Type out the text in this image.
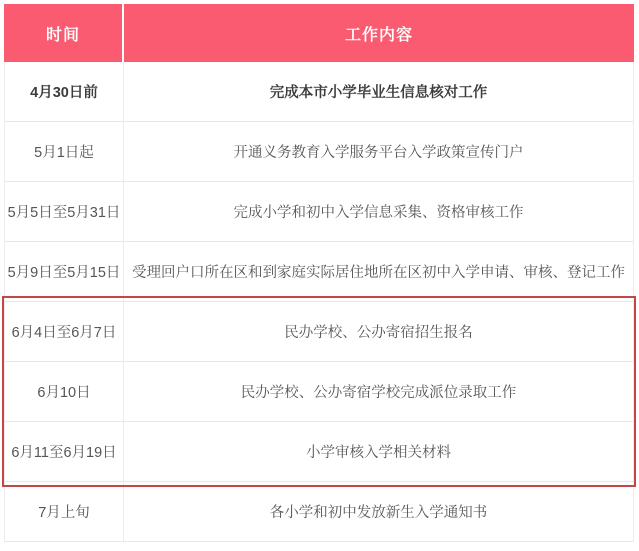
时间	工作内容
4月30日前	完成本市小学毕业生信息核对工作
5月1日起	开通义务教育入学服务平台入学政策宣传门户
5月5日至5月31日	完成小学和初中入学信息采集、资格审核工作
5月9日至5月15日 受理回户口所在区和到家庭实际居住地所在区初中入学申请、审核、登记工作
6月4日至6月7日	民办学校、公办寄宿招生报名
6月10日	民办学校、公办寄宿学校完成派位录取工作
6月11至6月19日	小学审核入学相关材料
7月上旬	各小学和初中发放新生入学通知书
